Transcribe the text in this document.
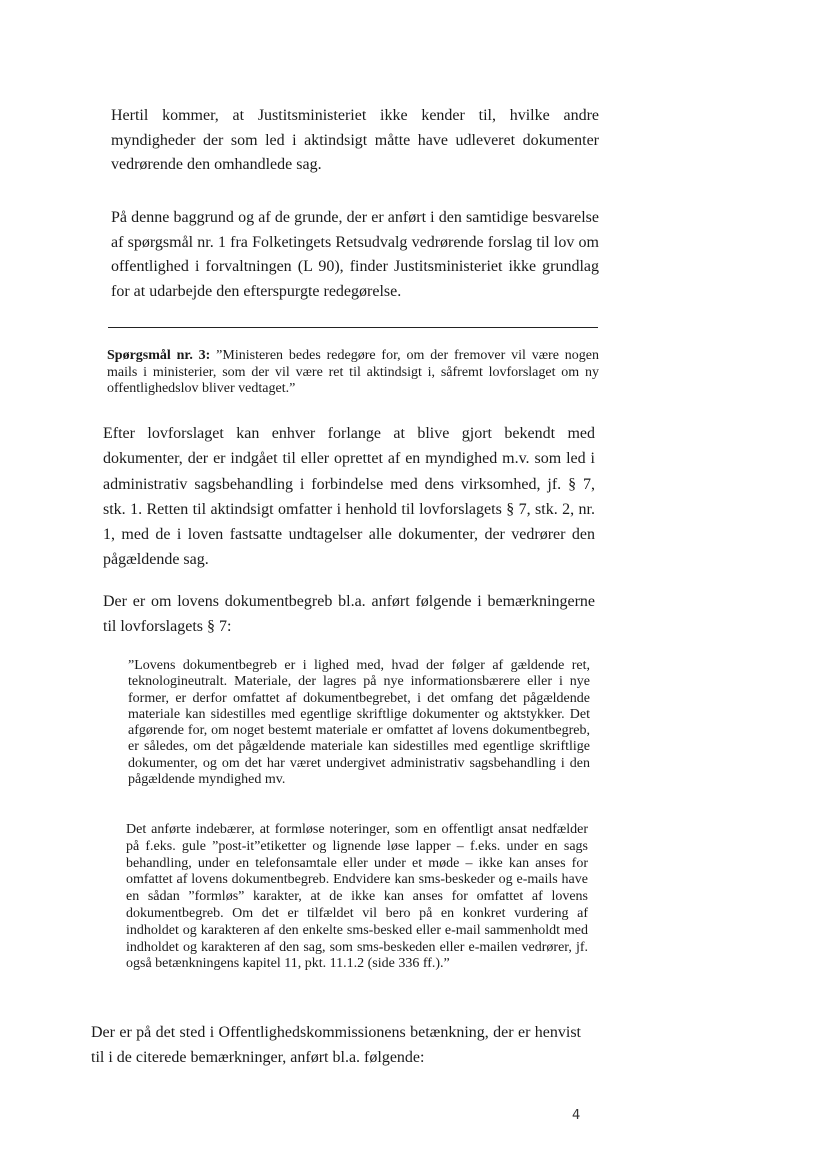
Hertil kommer, at Justitsministeriet ikke kender til, hvilke andre myndigheder der som led i aktindsigt måtte have udleveret dokumenter vedrørende den omhandlede sag.

På denne baggrund og af de grunde, der er anført i den samtidige besvarelse af spørgsmål nr. 1 fra Folketingets Retsudvalg vedrørende forslag til lov om offentlighed i forvaltningen (L 90), finder Justitsministeriet ikke grundlag for at udarbejde den efterspurgte redegørelse.

Spørgsmål nr. 3: ”Ministeren bedes redegøre for, om der fremover vil være nogen mails i ministerier, som der vil være ret til aktindsigt i, såfremt lovforslaget om ny offentlighedslov bliver vedtaget.”

Efter lovforslaget kan enhver forlange at blive gjort bekendt med dokumenter, der er indgået til eller oprettet af en myndighed m.v. som led i administrativ sagsbehandling i forbindelse med dens virksomhed, jf. § 7, stk. 1. Retten til aktindsigt omfatter i henhold til lovforslagets § 7, stk. 2, nr. 1, med de i loven fastsatte undtagelser alle dokumenter, der vedrører den pågældende sag.

Der er om lovens dokumentbegreb bl.a. anført følgende i bemærkningerne til lovforslagets § 7:

”Lovens dokumentbegreb er i lighed med, hvad der følger af gældende ret, teknologineutralt. Materiale, der lagres på nye informationsbærere eller i nye former, er derfor omfattet af dokumentbegrebet, i det omfang det pågældende materiale kan sidestilles med egentlige skriftlige dokumenter og aktstykker. Det afgørende for, om noget bestemt materiale er omfattet af lovens dokumentbegreb, er således, om det pågældende materiale kan sidestilles med egentlige skriftlige dokumenter, og om det har været undergivet administrativ sagsbehandling i den pågældende myndighed mv.

Det anførte indebærer, at formløse noteringer, som en offentligt ansat nedfælder på f.eks. gule ”post-it”etiketter og lignende løse lapper – f.eks. under en sags behandling, under en telefonsamtale eller under et møde – ikke kan anses for omfattet af lovens dokumentbegreb. Endvidere kan sms-beskeder og e-mails have en sådan ”formløs” karakter, at de ikke kan anses for omfattet af lovens dokumentbegreb. Om det er tilfældet vil bero på en konkret vurdering af indholdet og karakteren af den enkelte sms-besked eller e-mail sammenholdt med indholdet og karakteren af den sag, som sms-beskeden eller e-mailen vedrører, jf. også betænkningens kapitel 11, pkt. 11.1.2 (side 336 ff.).”

Der er på det sted i Offentlighedskommissionens betænkning, der er henvist til i de citerede bemærkninger, anført bl.a. følgende:

4
